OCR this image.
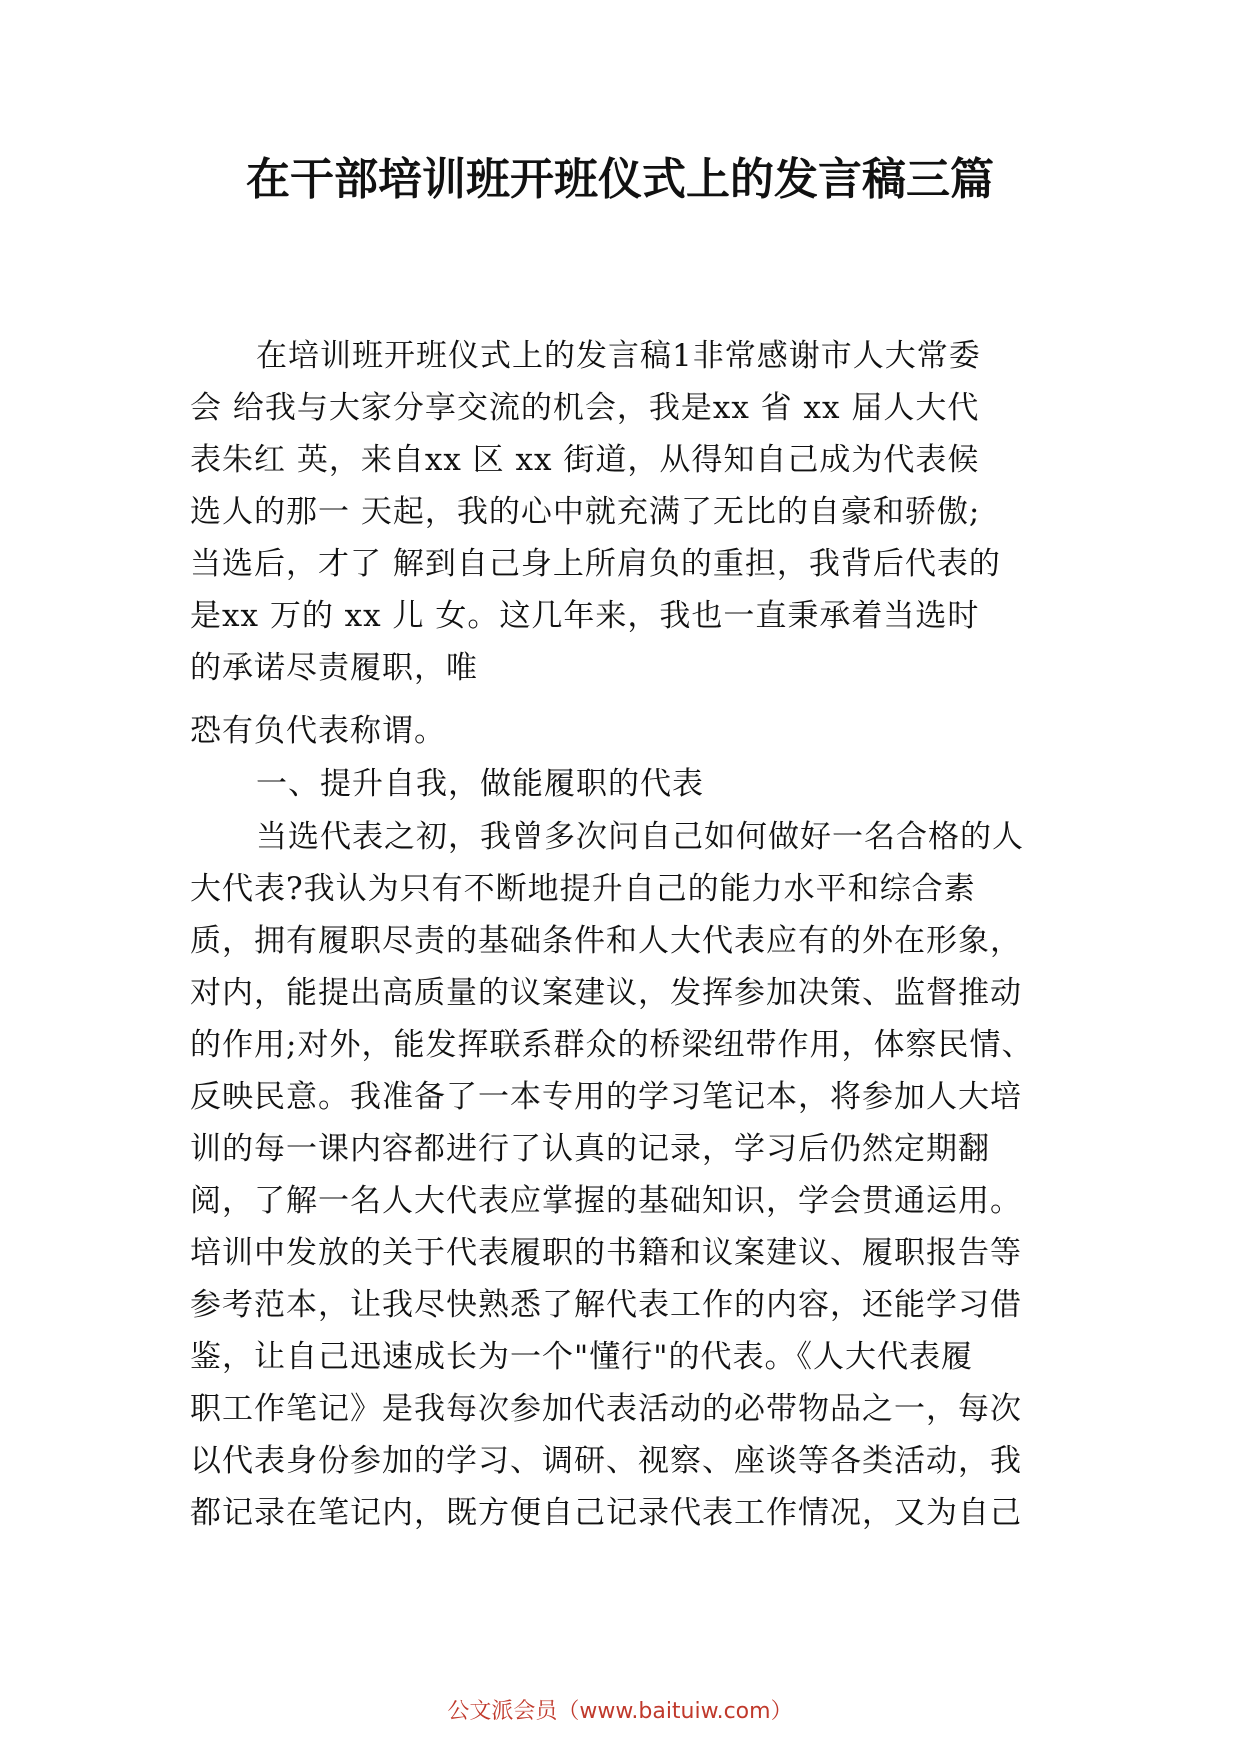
在干部培训班开班仪式上的发言稿三篇
在培训班开班仪式上的发言稿1非常感谢市人大常委
会 给我与大家分享交流的机会，我是xx 省 xx 届人大代
表朱红 英，来自xx 区 xx 街道，从得知自己成为代表候
选人的那一 天起，我的心中就充满了无比的自豪和骄傲;
当选后，才了 解到自己身上所肩负的重担，我背后代表的
是xx 万的 xx 儿 女。这几年来，我也一直秉承着当选时
的承诺尽责履职，唯

恐有负代表称谓。

一、提升自我，做能履职的代表

当选代表之初，我曾多次问自己如何做好一名合格的人
大代表?我认为只有不断地提升自己的能力水平和综合素
质，拥有履职尽责的基础条件和人大代表应有的外在形象，
对内，能提出高质量的议案建议，发挥参加决策、监督推动
的作用;对外，能发挥联系群众的桥梁纽带作用，体察民情、
反映民意。我准备了一本专用的学习笔记本，将参加人大培
训的每一课内容都进行了认真的记录，学习后仍然定期翻
阅，了解一名人大代表应掌握的基础知识，学会贯通运用。
培训中发放的关于代表履职的书籍和议案建议、履职报告等
参考范本，让我尽快熟悉了解代表工作的内容，还能学习借
鉴，让自己迅速成长为一个"懂行"的代表。《人大代表履
职工作笔记》是我每次参加代表活动的必带物品之一，每次
以代表身份参加的学习、调研、视察、座谈等各类活动，我
都记录在笔记内，既方便自己记录代表工作情况，又为自己
公文派会员（www.baituiw.com）
